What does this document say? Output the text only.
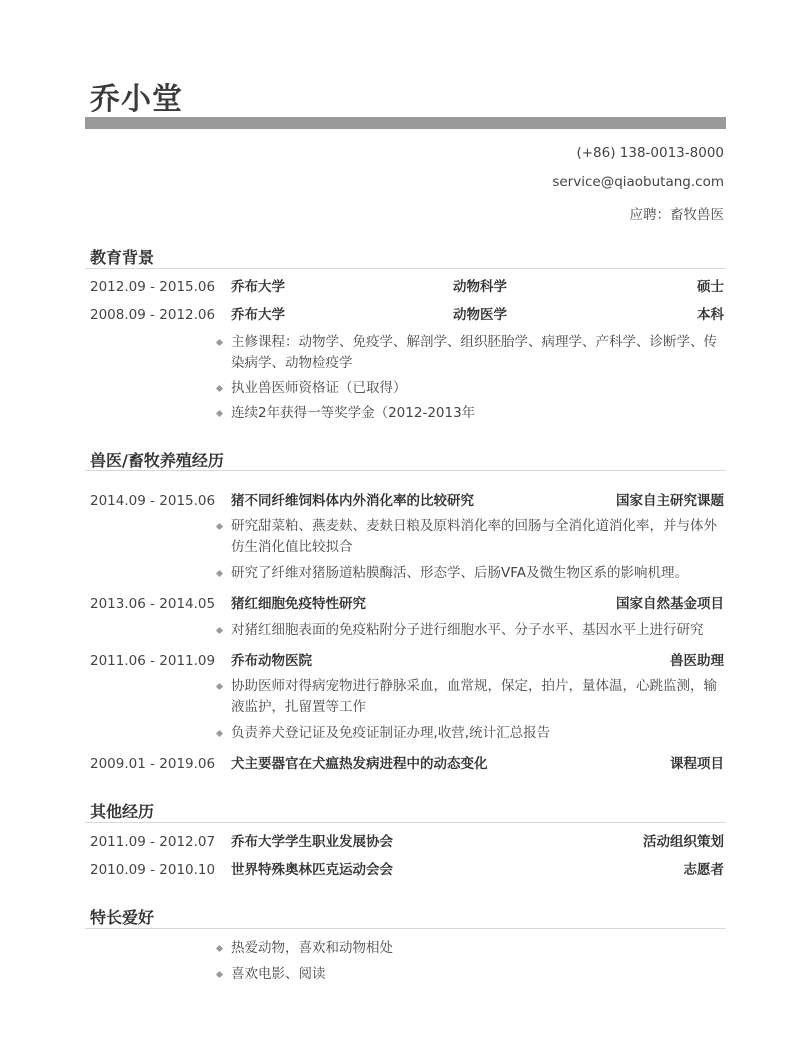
乔小堂
(+86) 138-0013-8000
service@qiaobutang.com
应聘：畜牧兽医
教育背景
2012.09 - 2015.06 乔布大学	动物科学	硕士
2008.09 - 2012.06 乔布大学	动物医学	本科
主修课程：动物学、免疫学、解剖学、组织胚胎学、病理学、产科学、诊断学、传染病学、动物检疫学
执业兽医师资格证（已取得）
连续2年获得一等奖学金（2012-2013年
兽医/畜牧养殖经历
2014.09 - 2015.06 猪不同纤维饲料体内外消化率的比较研究	国家自主研究课题
研究甜菜粕、燕麦麸、麦麸日粮及原料消化率的回肠与全消化道消化率，并与体外仿生消化值比较拟合
研究了纤维对猪肠道粘膜酶活、形态学、后肠VFA及微生物区系的影响机理。
2013.06 - 2014.05 猪红细胞免疫特性研究	国家自然基金项目
对猪红细胞表面的免疫粘附分子进行细胞水平、分子水平、基因水平上进行研究
2011.06 - 2011.09 乔布动物医院	兽医助理
协助医师对得病宠物进行静脉采血，血常规，保定，拍片，量体温，心跳监测，输液监护，扎留置等工作
负责养犬登记证及免疫证制证办理,收营,统计汇总报告
2009.01 - 2019.06 犬主要器官在犬瘟热发病进程中的动态变化	课程项目
其他经历
2011.09 - 2012.07 乔布大学学生职业发展协会	活动组织策划
2010.09 - 2010.10 世界特殊奥林匹克运动会会	志愿者
特长爱好
热爱动物，喜欢和动物相处
喜欢电影、阅读
